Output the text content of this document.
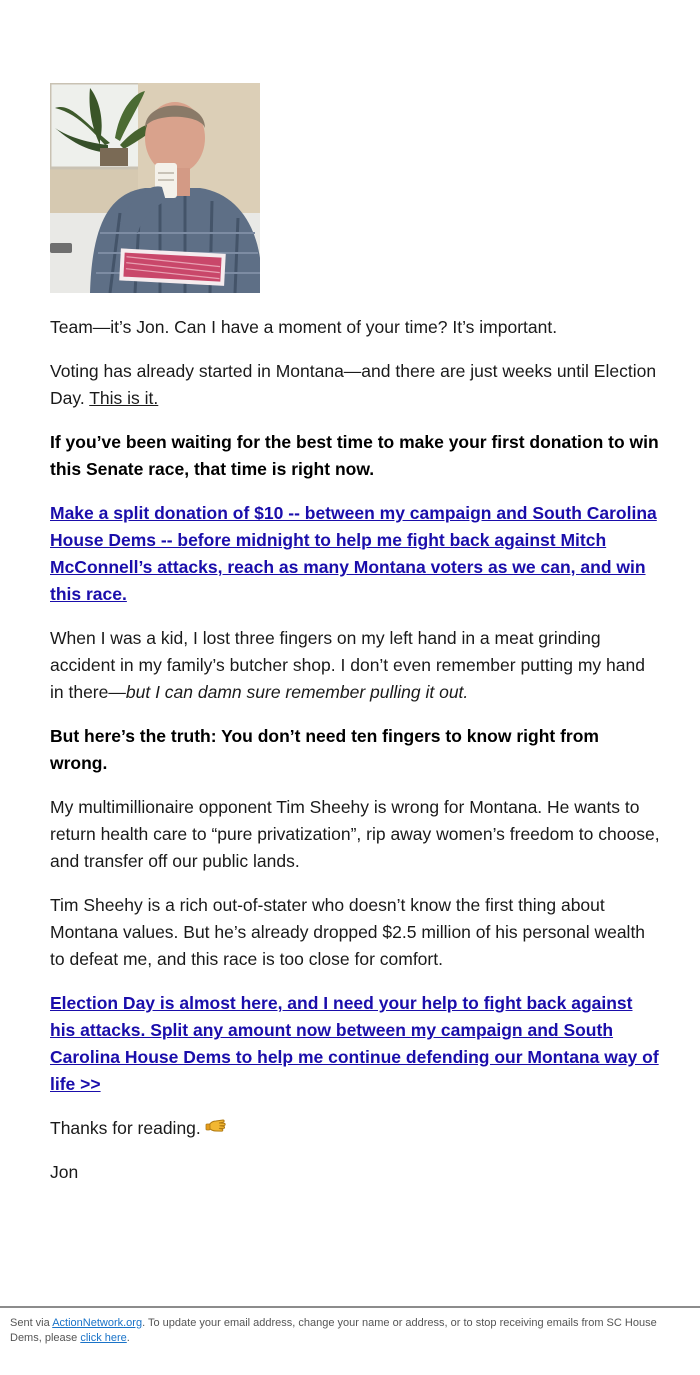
Team—it’s Jon. Can I have a moment of your time? It’s important.

Voting has already started in Montana—and there are just weeks until Election Day. This is it.

If you’ve been waiting for the best time to make your first donation to win this Senate race, that time is right now.

Make a split donation of $10 -- between my campaign and South Carolina House Dems -- before midnight to help me fight back against Mitch McConnell’s attacks, reach as many Montana voters as we can, and win this race.

When I was a kid, I lost three fingers on my left hand in a meat grinding accident in my family’s butcher shop. I don’t even remember putting my hand in there—but I can damn sure remember pulling it out.

But here’s the truth: You don’t need ten fingers to know right from wrong.

My multimillionaire opponent Tim Sheehy is wrong for Montana. He wants to return health care to “pure privatization”, rip away women’s freedom to choose, and transfer off our public lands.

Tim Sheehy is a rich out-of-stater who doesn’t know the first thing about Montana values. But he’s already dropped $2.5 million of his personal wealth to defeat me, and this race is too close for comfort.

Election Day is almost here, and I need your help to fight back against his attacks. Split any amount now between my campaign and South Carolina House Dems to help me continue defending our Montana way of life >>

Thanks for reading.

Jon

Sent via ActionNetwork.org. To update your email address, change your name or address, or to stop receiving emails from SC House Dems, please click here.
